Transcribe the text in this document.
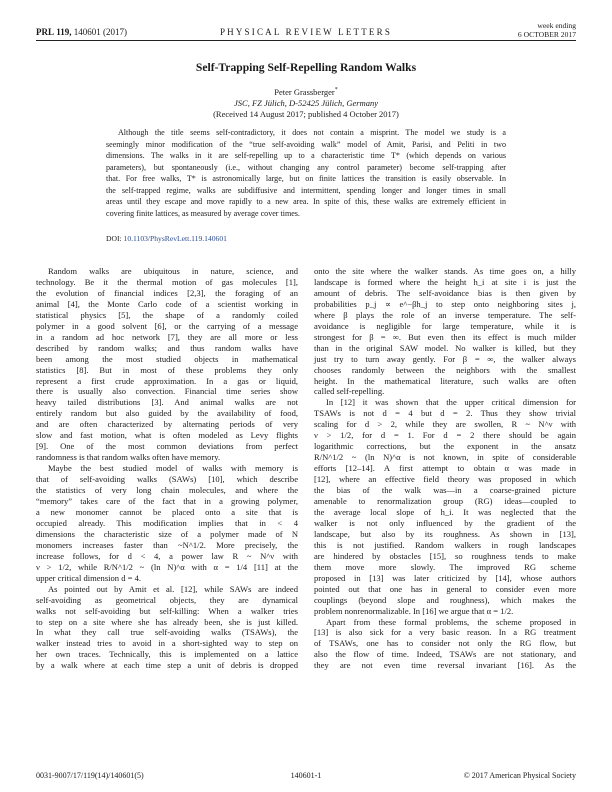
PRL 119, 140601 (2017)	PHYSICAL REVIEW LETTERS
week ending
6 OCTOBER 2017
Self-Trapping Self-Repelling Random Walks
Peter Grassberger*
JSC, FZ Jülich, D-52425 Jülich, Germany
(Received 14 August 2017; published 4 October 2017)
Although the title seems self-contradictory, it does not contain a misprint. The model we study is a
seemingly minor modification of the “true self-avoiding walk” model of Amit, Parisi, and Peliti in two
dimensions. The walks in it are self-repelling up to a characteristic time T* (which depends on various
parameters), but spontaneously (i.e., without changing any control parameter) become self-trapping after
that. For free walks, T* is astronomically large, but on finite lattices the transition is easily observable. In
the self-trapped regime, walks are subdiffusive and intermittent, spending longer and longer times in small
areas until they escape and move rapidly to a new area. In spite of this, these walks are extremely efficient in
covering finite lattices, as measured by average cover times.
DOI: 10.1103/PhysRevLett.119.140601
Random walks are ubiquitous in nature, science, and
technology. Be it the thermal motion of gas molecules [1],
the evolution of financial indices [2,3], the foraging of an
animal [4], the Monte Carlo code of a scientist working in
statistical physics [5], the shape of a randomly coiled
polymer in a good solvent [6], or the carrying of a message
in a random ad hoc network [7], they are all more or less
described by random walks; and thus random walks have
been among the most studied objects in mathematical
statistics [8]. But in most of these problems they only
represent a first crude approximation. In a gas or liquid,
there is usually also convection. Financial time series show
heavy tailed distributions [3]. And animal walks are not
entirely random but also guided by the availability of food,
and are often characterized by alternating periods of very
slow and fast motion, what is often modeled as Levy flights
[9]. One of the most common deviations from perfect
randomness is that random walks often have memory.
Maybe the best studied model of walks with memory is
that of self-avoiding walks (SAWs) [10], which describe
the statistics of very long chain molecules, and where the
“memory” takes care of the fact that in a growing polymer,
a new monomer cannot be placed onto a site that is
occupied already. This modification implies that in < 4
dimensions the characteristic size of a polymer made of N
monomers increases faster than ~N^1/2. More precisely, the
increase follows, for d < 4, a power law R ~ N^ν with
ν > 1/2, while R/N^1/2 ~ (ln N)^α with α = 1/4 [11] at the
upper critical dimension d = 4.
As pointed out by Amit et al. [12], while SAWs are indeed
self-avoiding as geometrical objects, they are dynamical
walks not self-avoiding but self-killing: When a walker tries
to step on a site where she has already been, she is just killed.
In what they call true self-avoiding walks (TSAWs), the
walker instead tries to avoid in a short-sighted way to step on
her own traces. Technically, this is implemented on a lattice
by a walk where at each time step a unit of debris is dropped
onto the site where the walker stands. As time goes on, a hilly
landscape is formed where the height h_i at site i is just the
amount of debris. The self-avoidance bias is then given by
probabilities p_j ∝ e^−βh_j to step onto neighboring sites j,
where β plays the role of an inverse temperature. The self-
avoidance is negligible for large temperature, while it is
strongest for β = ∞. But even then its effect is much milder
than in the original SAW model. No walker is killed, but they
just try to turn away gently. For β = ∞, the walker always
chooses randomly between the neighbors with the smallest
height. In the mathematical literature, such walks are often
called self-repelling.
In [12] it was shown that the upper critical dimension for
TSAWs is not d = 4 but d = 2. Thus they show trivial
scaling for d > 2, while they are swollen, R ~ N^ν with
ν > 1/2, for d = 1. For d = 2 there should be again
logarithmic corrections, but the exponent in the ansatz
R/N^1/2 ~ (ln N)^α is not known, in spite of considerable
efforts [12–14]. A first attempt to obtain α was made in
[12], where an effective field theory was proposed in which
the bias of the walk was—in a coarse-grained picture
amenable to renormalization group (RG) ideas—coupled to
the average local slope of h_i. It was neglected that the
walker is not only influenced by the gradient of the
landscape, but also by its roughness. As shown in [13],
this is not justified. Random walkers in rough landscapes
are hindered by obstacles [15], so roughness tends to make
them move more slowly. The improved RG scheme
proposed in [13] was later criticized by [14], whose authors
pointed out that one has in general to consider even more
couplings (beyond slope and roughness), which makes the
problem nonrenormalizable. In [16] we argue that α = 1/2.
Apart from these formal problems, the scheme proposed in
[13] is also sick for a very basic reason. In a RG treatment
of TSAWs, one has to consider not only the RG flow, but
also the flow of time. Indeed, TSAWs are not stationary, and
they are not even time reversal invariant [16]. As the
0031-9007/17/119(14)/140601(5)	140601-1	© 2017 American Physical Society
